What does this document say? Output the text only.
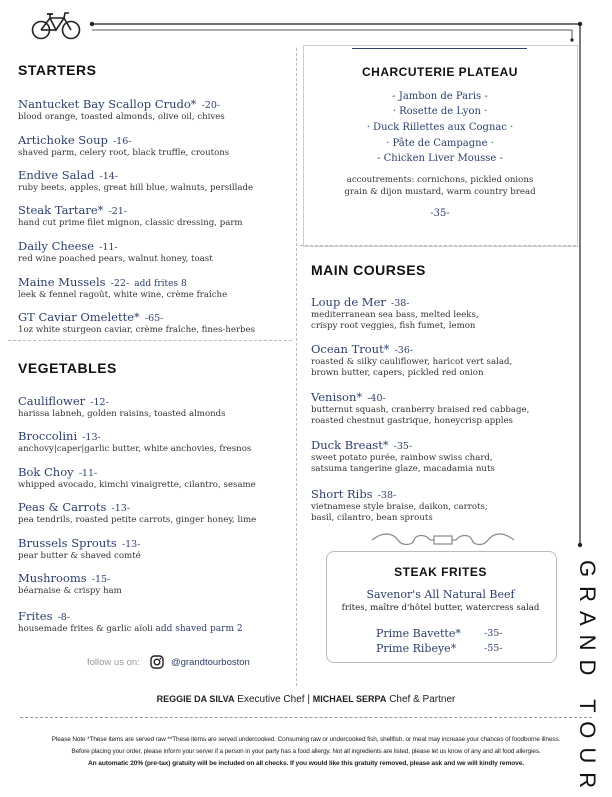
STARTERS
Nantucket Bay Scallop Crudo* -20-
blood orange, toasted almonds, olive oil, chives
Artichoke Soup -16-
shaved parm, celery root, black truffle, croutons
Endive Salad -14-
ruby beets, apples, great hill blue, walnuts, persillade
Steak Tartare* -21-
hand cut prime filet mignon, classic dressing, parm
Daily Cheese -11-
red wine poached pears, walnut honey, toast
Maine Mussels -22- add frites 8
leek & fennel ragoût, white wine, crème fraîche
GT Caviar Omelette* -65-
1oz white sturgeon caviar, crème fraîche, fines-herbes
VEGETABLES
Cauliflower -12-
harissa labneh, golden raisins, toasted almonds
Broccolini -13-
anchovy|caper|garlic butter, white anchovies, fresnos
Bok Choy -11-
whipped avocado, kimchi vinaigrette, cilantro, sesame
Peas & Carrots -13-
pea tendrils, roasted petite carrots, ginger honey, lime
Brussels Sprouts -13-
pear butter & shaved comté
Mushrooms -15-
béarnaise & crispy ham
Frites -8-
housemade frites & garlic aïoli add shaved parm 2
CHARCUTERIE PLATEAU
- Jambon de Paris -
· Rosette de Lyon ·
· Duck Rillettes aux Cognac ·
· Pâte de Campagne ·
- Chicken Liver Mousse -
accoutrements: cornichons, pickled onions
grain & dijon mustard, warm country bread
-35-
MAIN COURSES
Loup de Mer -38-
mediterranean sea bass, melted leeks,
crispy root veggies, fish fumet, lemon
Ocean Trout* -36-
roasted & silky cauliflower, haricot vert salad,
brown butter, capers, pickled red onion
Venison* -40-
butternut squash, cranberry braised red cabbage,
roasted chestnut gastrique, honeycrisp apples
Duck Breast* -35-
sweet potato purée, rainbow swiss chard,
satsuma tangerine glaze, macadamia nuts
Short Ribs -38-
vietnamese style braise, daikon, carrots,
basil, cilantro, bean sprouts
STEAK FRITES
Savenor's All Natural Beef
frites, maître d'hôtel butter, watercress salad
Prime Bavette* -35-
Prime Ribeye*	-55-	GRAND TOUR
follow us on:	@grandtourboston
REGGIE DA SILVA Executive Chef | MICHAEL SERPA Chef & Partner
Please Note *These items are served raw **These items are served undercooked. Consuming raw or undercooked fish, shellfish, or meat may increase your chances of foodborne illness.
Before placing your order, please inform your server if a person in your party has a food allergy. Not all ingredients are listed, please let us know of any and all food allergies.
An automatic 20% (pre-tax) gratuity will be included on all checks. If you would like this gratuity removed, please ask and we will kindly remove.
